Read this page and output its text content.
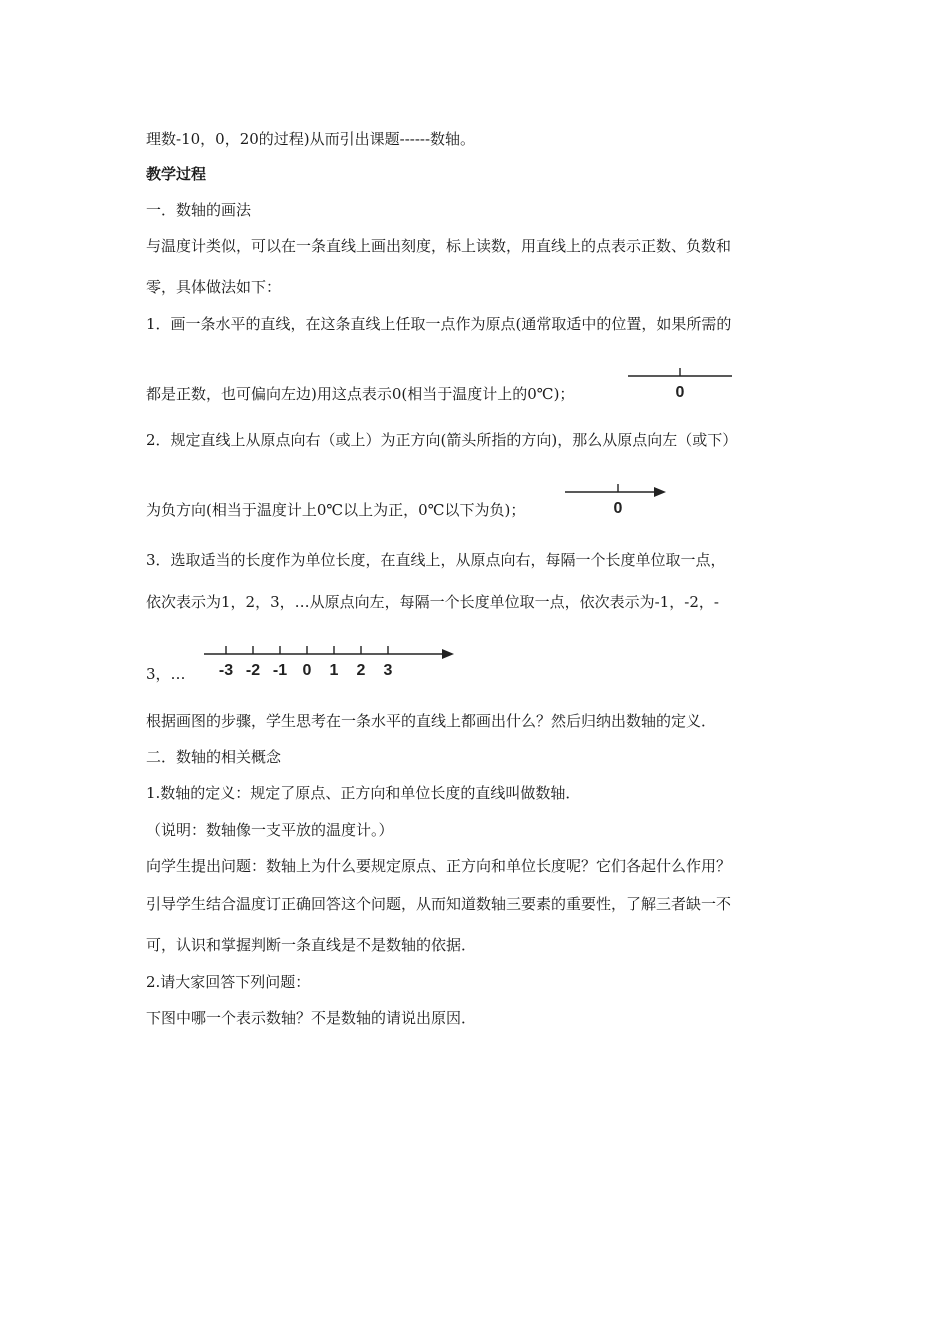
理数-10，0，20的过程)从而引出课题------数轴。
教学过程
一．数轴的画法
与温度计类似，可以在一条直线上画出刻度，标上读数，用直线上的点表示正数、负数和
零，具体做法如下：
1．画一条水平的直线，在这条直线上任取一点作为原点(通常取适中的位置，如果所需的
都是正数，也可偏向左边)用这点表示0(相当于温度计上的0℃)；	0
2．规定直线上从原点向右（或上）为正方向(箭头所指的方向)，那么从原点向左（或下）
为负方向(相当于温度计上0℃以上为正，0℃以下为负)；	0
3．选取适当的长度作为单位长度，在直线上，从原点向右，每隔一个长度单位取一点，
依次表示为1，2，3，…从原点向左，每隔一个长度单位取一点，依次表示为-1，-2，-
3，… -3 -2 -1 0 1 2 3
根据画图的步骤，学生思考在一条水平的直线上都画出什么？然后归纳出数轴的定义．
二．数轴的相关概念
1.数轴的定义：规定了原点、正方向和单位长度的直线叫做数轴．
（说明：数轴像一支平放的温度计。）
向学生提出问题：数轴上为什么要规定原点、正方向和单位长度呢？它们各起什么作用？
引导学生结合温度订正确回答这个问题，从而知道数轴三要素的重要性，了解三者缺一不
可，认识和掌握判断一条直线是不是数轴的依据．
2.请大家回答下列问题：
下图中哪一个表示数轴？不是数轴的请说出原因．
